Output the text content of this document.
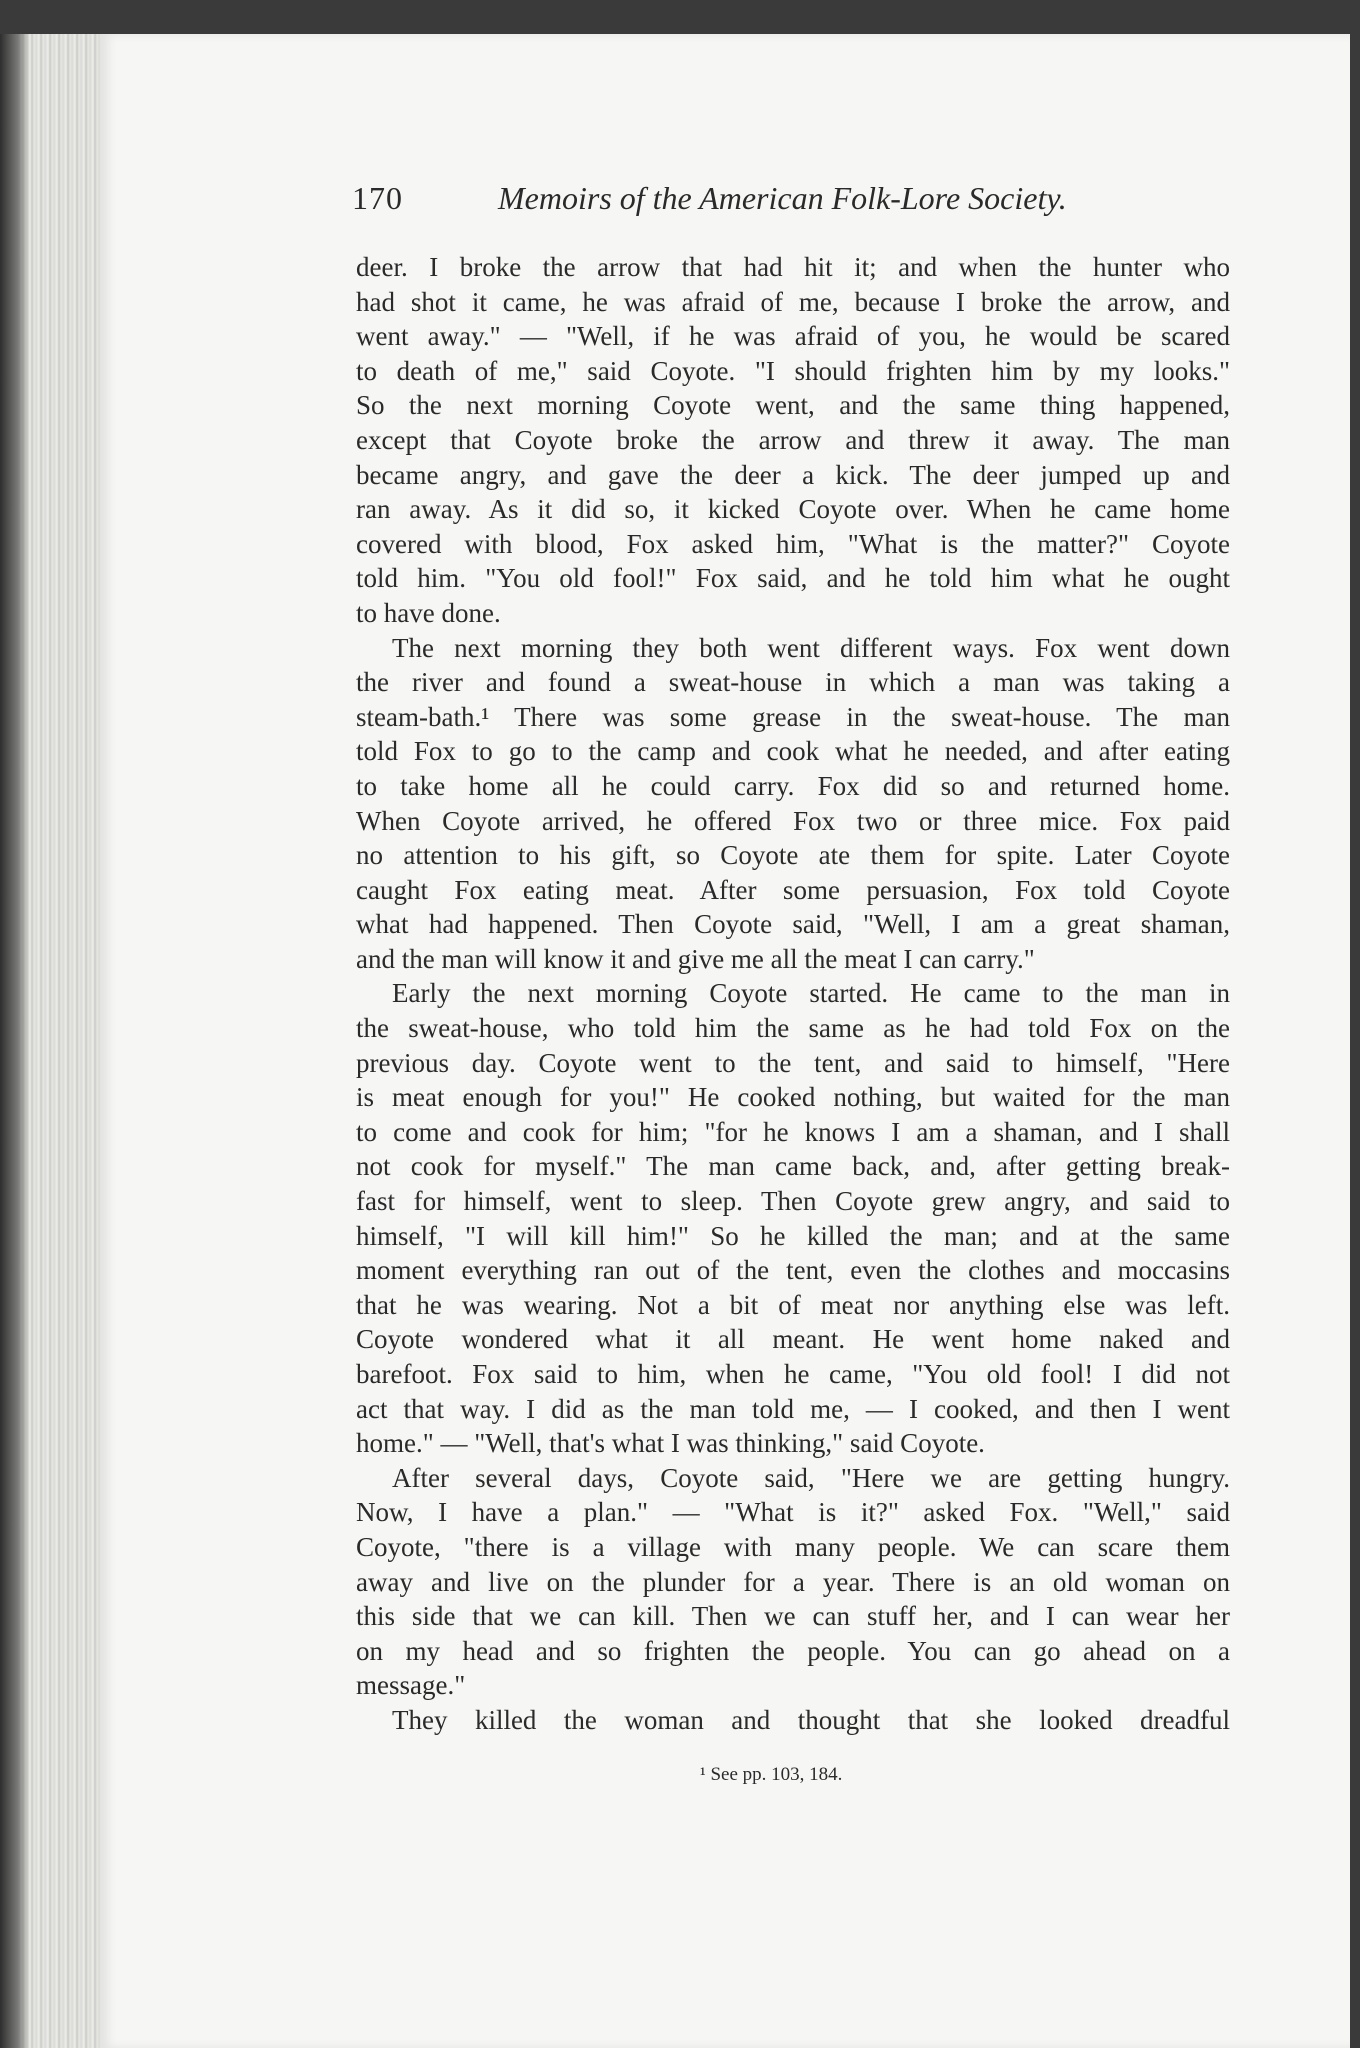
170	Memoirs of the American Folk-Lore Society.
deer. I broke the arrow that had hit it; and when the hunter who
had shot it came, he was afraid of me, because I broke the arrow, and
went away." — "Well, if he was afraid of you, he would be scared
to death of me," said Coyote. "I should frighten him by my looks."
So the next morning Coyote went, and the same thing happened,
except that Coyote broke the arrow and threw it away. The man
became angry, and gave the deer a kick. The deer jumped up and
ran away. As it did so, it kicked Coyote over. When he came home
covered with blood, Fox asked him, "What is the matter?" Coyote
told him. "You old fool!" Fox said, and he told him what he ought
to have done.
The next morning they both went different ways. Fox went down
the river and found a sweat-house in which a man was taking a
steam-bath.¹ There was some grease in the sweat-house. The man
told Fox to go to the camp and cook what he needed, and after eating
to take home all he could carry. Fox did so and returned home.
When Coyote arrived, he offered Fox two or three mice. Fox paid
no attention to his gift, so Coyote ate them for spite. Later Coyote
caught Fox eating meat. After some persuasion, Fox told Coyote
what had happened. Then Coyote said, "Well, I am a great shaman,
and the man will know it and give me all the meat I can carry."
Early the next morning Coyote started. He came to the man in
the sweat-house, who told him the same as he had told Fox on the
previous day. Coyote went to the tent, and said to himself, "Here
is meat enough for you!" He cooked nothing, but waited for the man
to come and cook for him; "for he knows I am a shaman, and I shall
not cook for myself." The man came back, and, after getting break-
fast for himself, went to sleep. Then Coyote grew angry, and said to
himself, "I will kill him!" So he killed the man; and at the same
moment everything ran out of the tent, even the clothes and moccasins
that he was wearing. Not a bit of meat nor anything else was left.
Coyote wondered what it all meant. He went home naked and
barefoot. Fox said to him, when he came, "You old fool! I did not
act that way. I did as the man told me, — I cooked, and then I went
home." — "Well, that's what I was thinking," said Coyote.
After several days, Coyote said, "Here we are getting hungry.
Now, I have a plan." — "What is it?" asked Fox. "Well," said
Coyote, "there is a village with many people. We can scare them
away and live on the plunder for a year. There is an old woman on
this side that we can kill. Then we can stuff her, and I can wear her
on my head and so frighten the people. You can go ahead on a
message."
They killed the woman and thought that she looked dreadful
¹ See pp. 103, 184.
